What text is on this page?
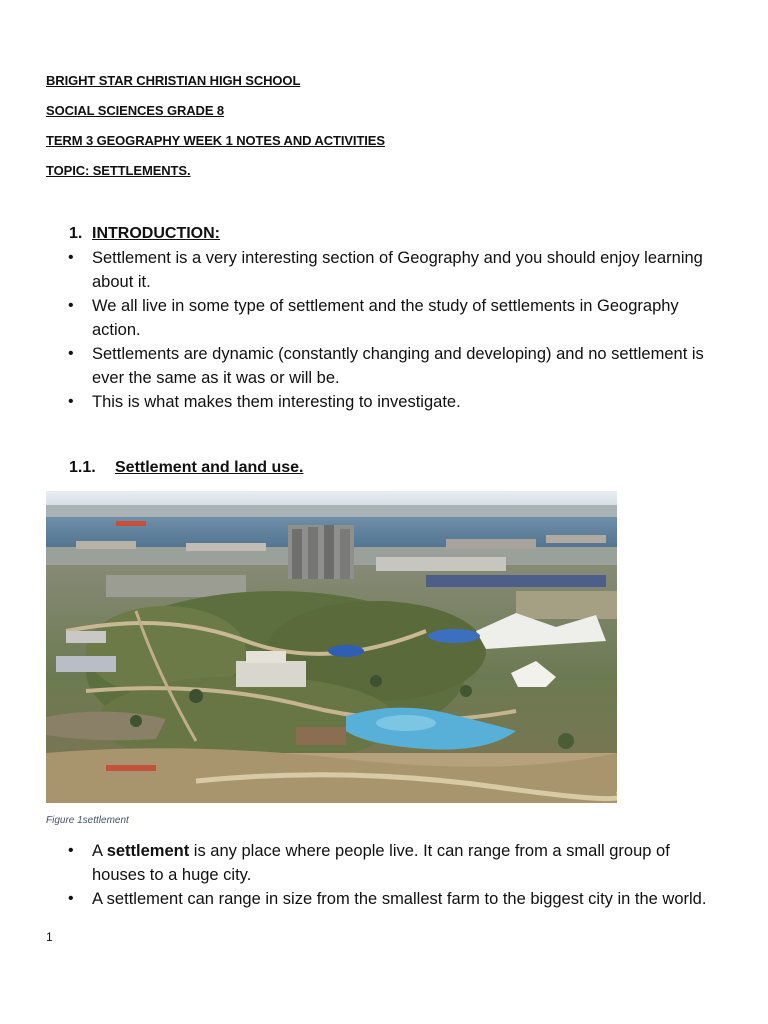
BRIGHT STAR CHRISTIAN HIGH SCHOOL
SOCIAL SCIENCES GRADE 8
TERM 3 GEOGRAPHY WEEK 1 NOTES AND ACTIVITIES
TOPIC: SETTLEMENTS.
1. INTRODUCTION:
• Settlement is a very interesting section of Geography and you should enjoy learning about it.
• We all live in some type of settlement and the study of settlements in Geography action.
• Settlements are dynamic (constantly changing and developing) and no settlement is ever the same as it was or will be.
• This is what makes them interesting to investigate.
1.1. Settlement and land use.
Figure 1settlement
• A settlement is any place where people live. It can range from a small group of houses to a huge city.
• A settlement can range in size from the smallest farm to the biggest city in the world.
1
